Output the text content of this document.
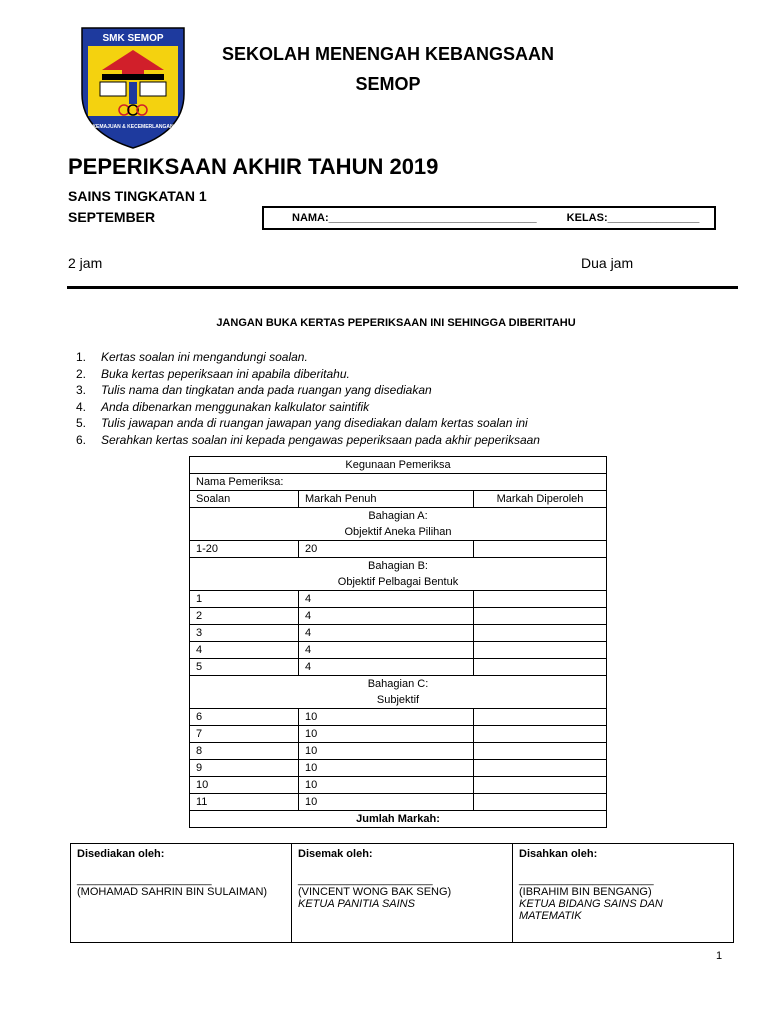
SMK SEMOP
KEMAJUAN & KECEMERLANGAN
SEKOLAH MENENGAH KEBANGSAAN
SEMOP
PEPERIKSAAN AKHIR TAHUN 2019
SAINS TINGKATAN 1
SEPTEMBER	NAMA:__________________________________	KELAS:_______________
2 jam	Dua jam
JANGAN BUKA KERTAS PEPERIKSAAN INI SEHINGGA DIBERITAHU
1. Kertas soalan ini mengandungi soalan.
2. Buka kertas peperiksaan ini apabila diberitahu.
3. Tulis nama dan tingkatan anda pada ruangan yang disediakan
4. Anda dibenarkan menggunakan kalkulator saintifik
5. Tulis jawapan anda di ruangan jawapan yang disediakan dalam kertas soalan ini
6. Serahkan kertas soalan ini kepada pengawas peperiksaan pada akhir peperiksaan
Kegunaan Pemeriksa		
Nama Pemeriksa:		
Soalan	Markah Penuh	Markah Diperoleh

Bahagian A:
Objektif Aneka Pilihan		

1-20	20	

Bahagian B:
Objektif Pelbagai Bentuk		

1	4	
2	4	
3	4	
4	4	
5	4	

Bahagian C:
Subjektif		

6	10	
7	10	
8	10	
9	10	
10	10	
11	10	
Jumlah Markah:		
Disediakan oleh:
______________________
(MOHAMAD SAHRIN BIN SULAIMAN)

Disemak oleh:
______________________
(VINCENT WONG BAK SENG)
KETUA PANITIA SAINS

Disahkan oleh:
______________________
(IBRAHIM BIN BENGANG)
KETUA BIDANG SAINS DAN MATEMATIK
1
